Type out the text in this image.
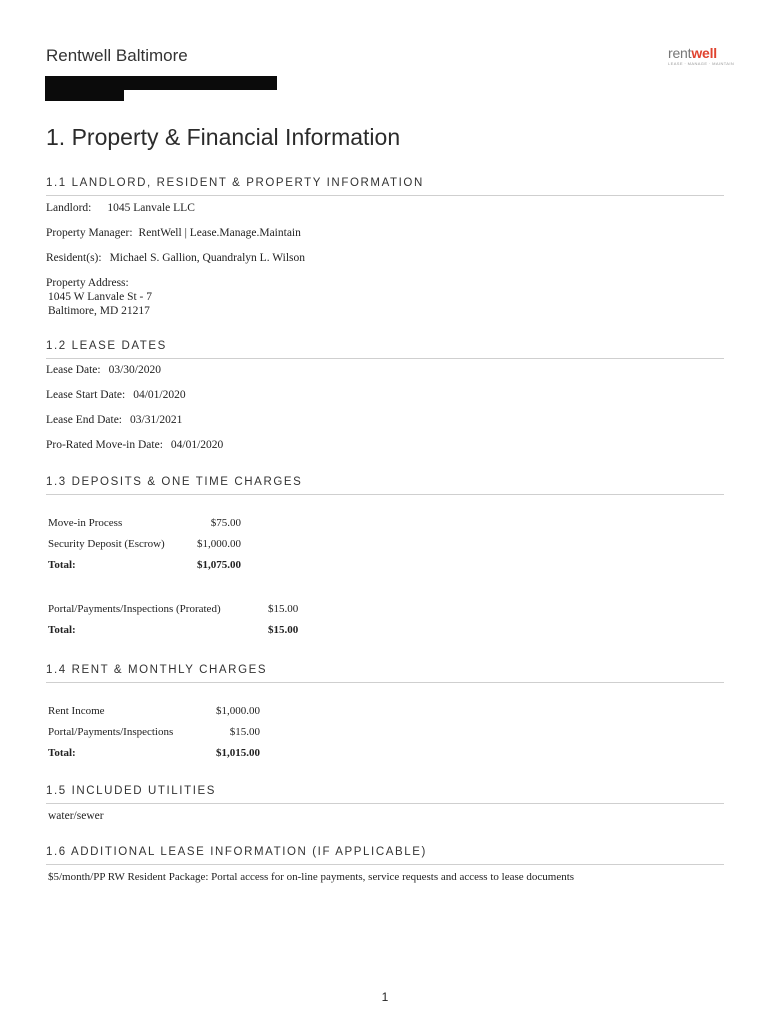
Rentwell Baltimore	rentwell
LEASE · MANAGE · MAINTAIN
1. Property & Financial Information
1.1 LANDLORD, RESIDENT & PROPERTY INFORMATION
Landlord: 1045 Lanvale LLC
Property Manager: RentWell | Lease.Manage.Maintain
Resident(s): Michael S. Gallion, Quandralyn L. Wilson
Property Address:
1045 W Lanvale St - 7
Baltimore, MD 21217
1.2 LEASE DATES
Lease Date: 03/30/2020
Lease Start Date: 04/01/2020
Lease End Date: 03/31/2021
Pro-Rated Move-in Date: 04/01/2020
1.3 DEPOSITS & ONE TIME CHARGES
Move-in Process	$75.00
Security Deposit (Escrow)	$1,000.00
Total:	$1,075.00
Portal/Payments/Inspections (Prorated)	$15.00
Total:	$15.00
1.4 RENT & MONTHLY CHARGES
Rent Income	$1,000.00
Portal/Payments/Inspections	$15.00
Total:	$1,015.00
1.5 INCLUDED UTILITIES
water/sewer
1.6 ADDITIONAL LEASE INFORMATION (IF APPLICABLE)
$5/month/PP RW Resident Package: Portal access for on-line payments, service requests and access to lease documents
1
